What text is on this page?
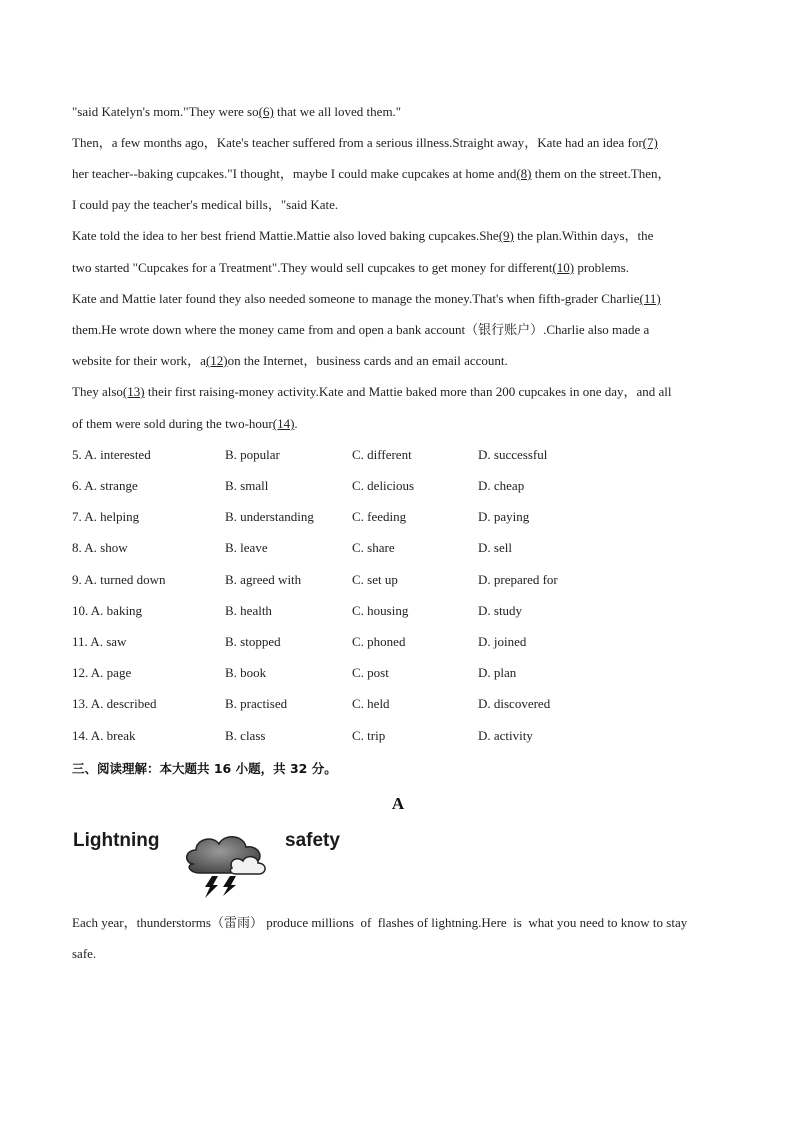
"said Katelyn's mom."They were so(6) that we all loved them."
Then，a few months ago，Kate's teacher suffered from a serious illness.Straight away，Kate had an idea for(7)
her teacher--baking cupcakes."I thought，maybe I could make cupcakes at home and(8) them on the street.Then，
I could pay the teacher's medical bills，"said Kate.
Kate told the idea to her best friend Mattie.Mattie also loved baking cupcakes.She(9) the plan.Within days，the
two started "Cupcakes for a Treatment".They would sell cupcakes to get money for different(10) problems.
Kate and Mattie later found they also needed someone to manage the money.That's when fifth-grader Charlie(11)
them.He wrote down where the money came from and open a bank account（银行账户）.Charlie also made a
website for their work，a(12)on the Internet，business cards and an email account.
They also(13) their first raising-money activity.Kate and Mattie baked more than 200 cupcakes in one day，and all
of them were sold during the two-hour(14).
5. A. interested	B. popular	C. different	D. successful
6. A. strange	B. small	C. delicious	D. cheap
7. A. helping	B. understanding	C. feeding	D. paying
8. A. show	B. leave	C. share	D. sell
9. A. turned down	B. agreed with	C. set up	D. prepared for
10. A. baking	B. health	C. housing	D. study
11. A. saw	B. stopped	C. phoned	D. joined
12. A. page	B. book	C. post	D. plan
13. A. described	B. practised	C. held	D. discovered
14. A. break	B. class	C. trip	D. activity
三、阅读理解：本大题共 16 小题，共 32 分。
A
Lightning	safety
Each year，thunderstorms（雷雨） produce millions  of  flashes of lightning.Here  is  what you need to know to stay
safe.
